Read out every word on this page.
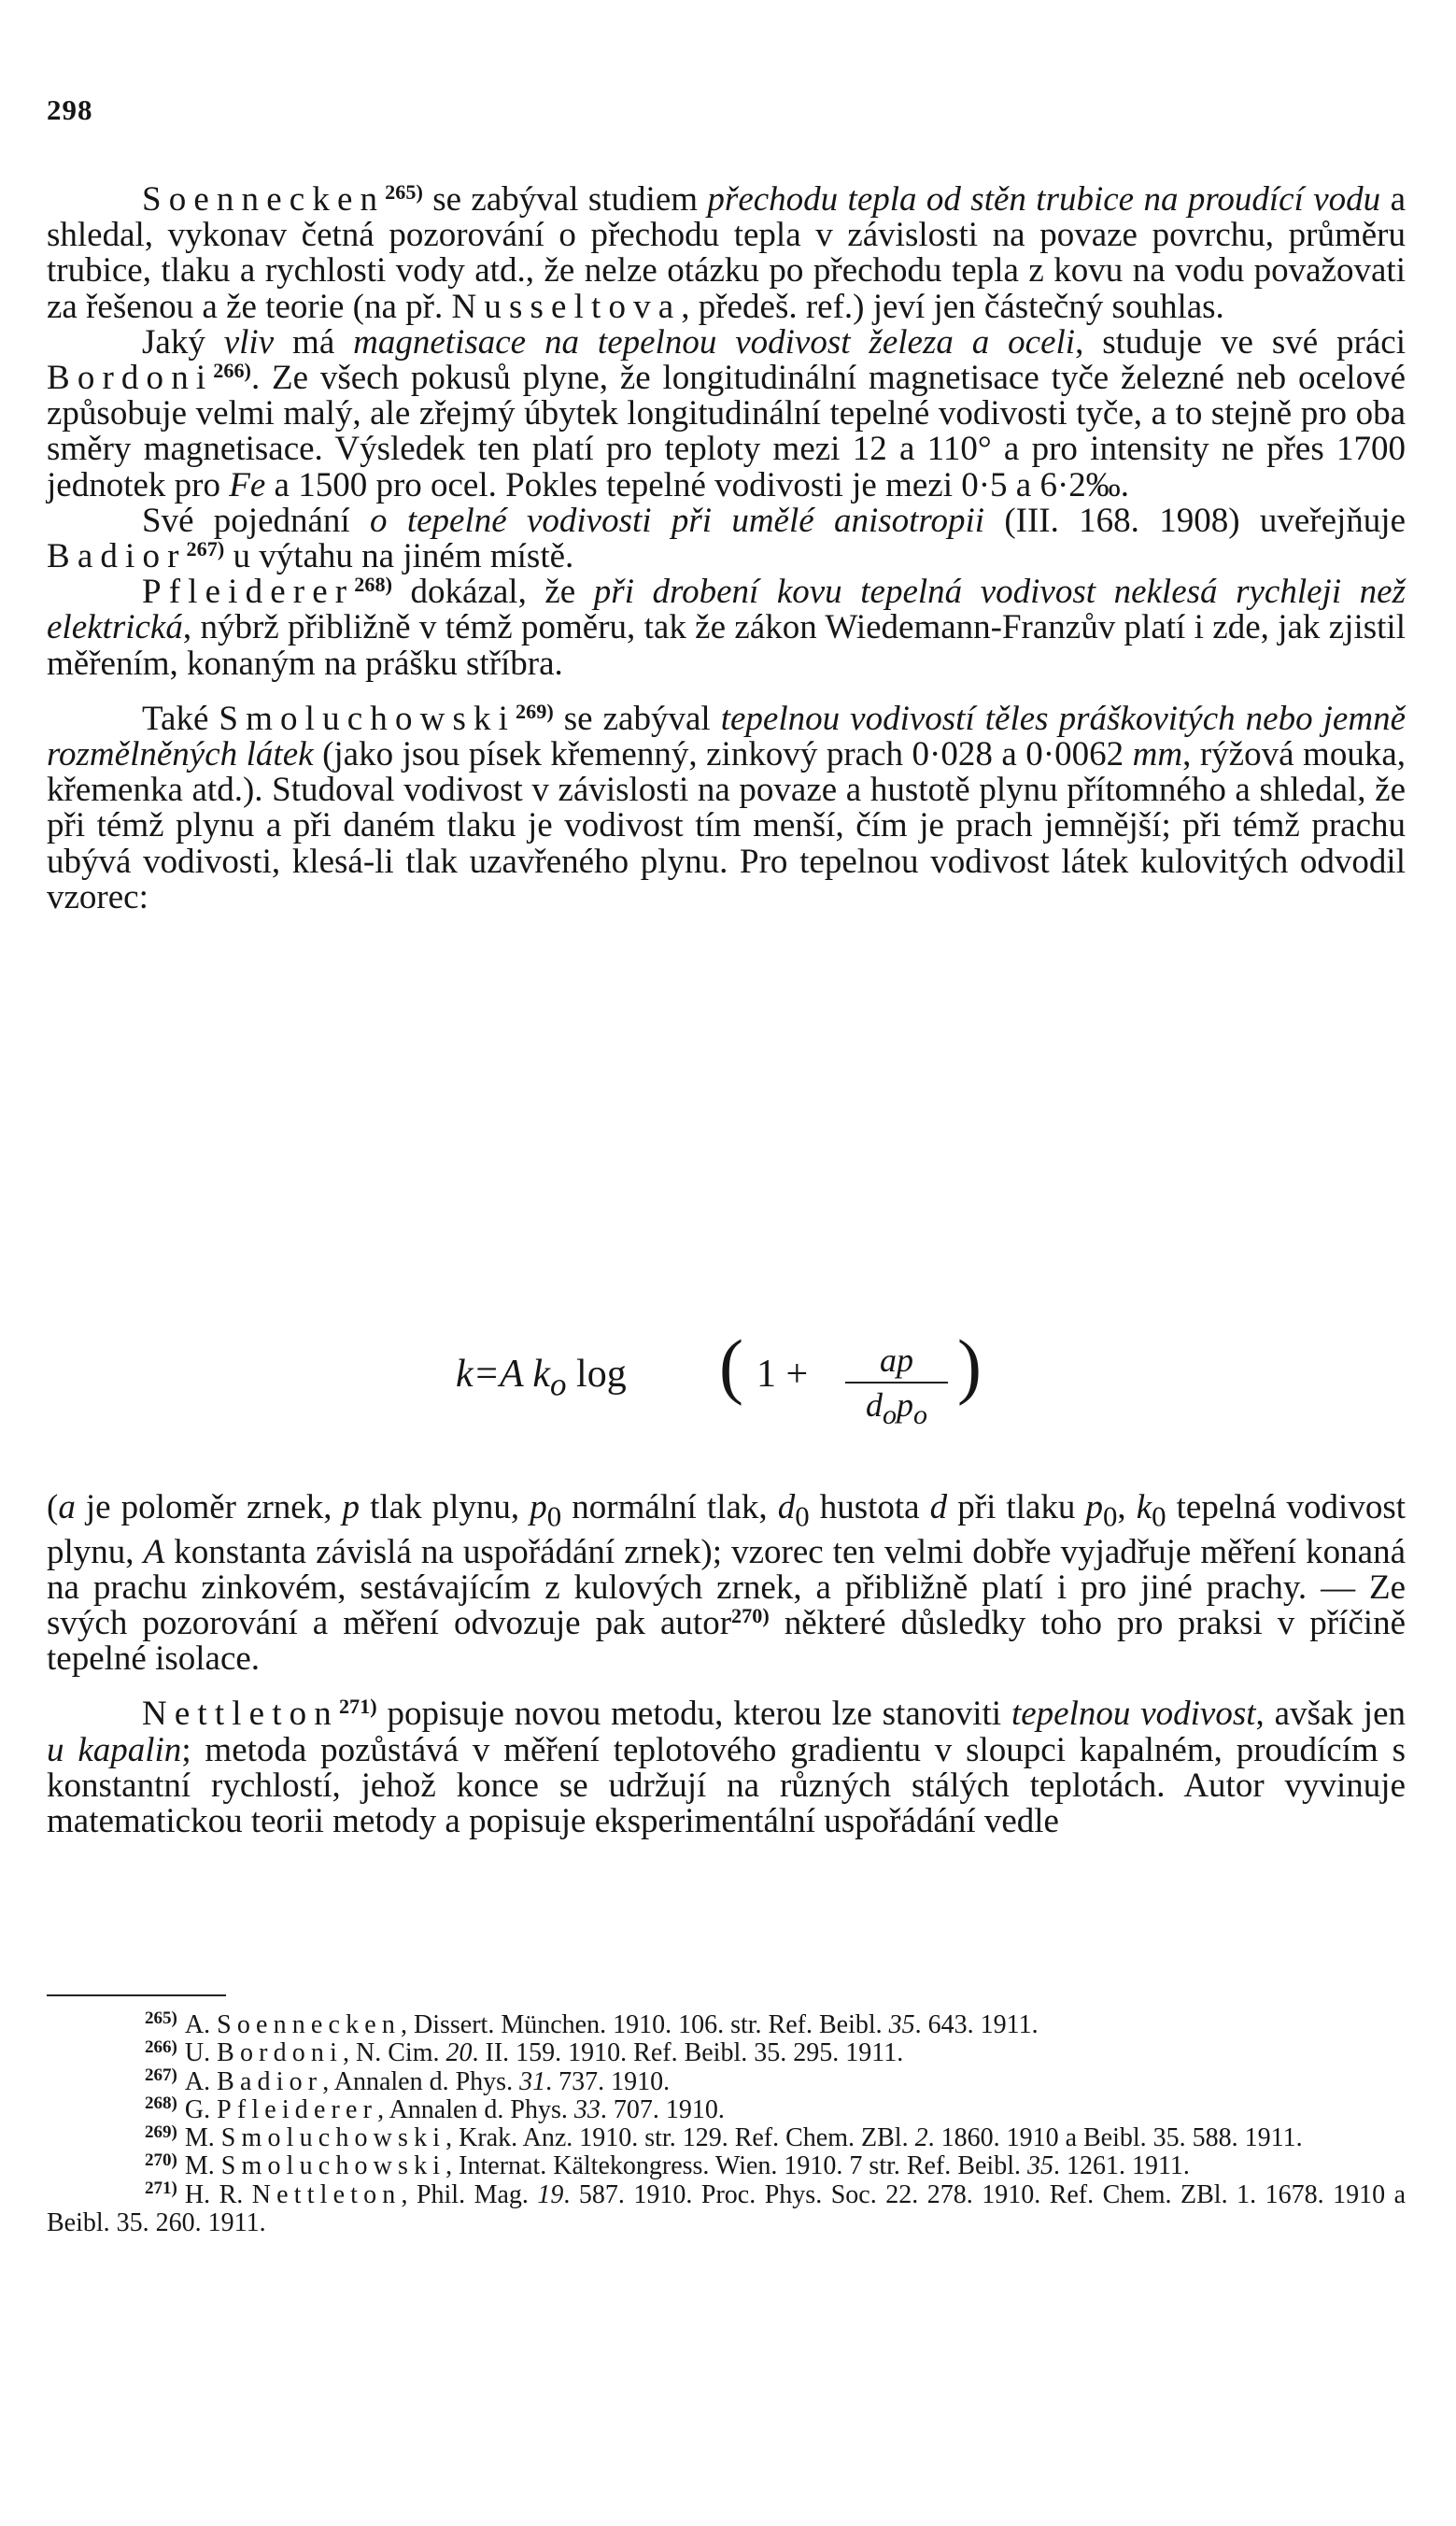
298

Soennecken$^{265)}$ se zabýval studiem přechodu tepla od stěn trubice na proudící vodu a shledal, vykonav četná pozorování o přechodu tepla v závislosti na povaze povrchu, průměru trubice, tlaku a rychlosti vody atd., že nelze otázku po přechodu tepla z kovu na vodu považovati za řešenou a že teorie (na př. Nusseltova, předeš. ref.) jeví jen částečný souhlas.

Jaký vliv má magnetisace na tepelnou vodivost železa a oceli, studuje ve své práci Bordoni$^{266)}$. Ze všech pokusů plyne, že longitudinální magnetisace tyče železné neb ocelové způsobuje velmi malý, ale zřejmý úbytek longitudinální tepelné vodivosti tyče, a to stejně pro oba směry magnetisace. Výsledek ten platí pro teploty mezi 12 a 110° a pro intensity ne přes 1700 jednotek pro Fe a 1500 pro ocel. Pokles tepelné vodivosti je mezi 0·5 a 6·2‰.

Své pojednání o tepelné vodivosti při umělé anisotropii (III. 168. 1908) uveřejňuje Badior$^{267)}$ u výtahu na jiném místě.

Pfleiderer$^{268)}$ dokázal, že při drobení kovu tepelná vodivost neklesá rychleji než elektrická, nýbrž přibližně v témž poměru, tak že zákon Wiedemann-Franzův platí i zde, jak zjistil měřením, konaným na prášku stříbra.

Také Smoluchowski$^{269)}$ se zabýval tepelnou vodivostí těles práškovitých nebo jemně rozmělněných látek (jako jsou písek křemenný, zinkový prach 0·028 a 0·0062 mm, rýžová mouka, křemenka atd.). Studoval vodivost v závislosti na povaze a hustotě plynu přítomného a shledal, že při témž plynu a při daném tlaku je vodivost tím menší, čím je prach jemnější; při témž prachu ubývá vodivosti, klesá-li tlak uzavřeného plynu. Pro tepelnou vodivost látek kulovitých odvodil vzorec:

k=A $k_o$ log ( 1 +	ap
$d_op_o$
)

(a je poloměr zrnek, p tlak plynu, $p_0$ normální tlak, $d_0$ hustota d při tlaku $p_0$, $k_0$ tepelná vodivost plynu, A konstanta závislá na uspořádání zrnek); vzorec ten velmi dobře vyjadřuje měření konaná na prachu zinkovém, sestávajícím z kulových zrnek, a přibližně platí i pro jiné prachy. — Ze svých pozorování a měření odvozuje pak autor$^{270)}$ některé důsledky toho pro praksi v příčině tepelné isolace.

Nettleton$^{271)}$ popisuje novou metodu, kterou lze stanoviti tepelnou vodivost, avšak jen u kapalin; metoda pozůstává v měření teplotového gradientu v sloupci kapalném, proudícím s konstantní rychlostí, jehož konce se udržují na různých stálých teplotách. Autor vyvinuje matematickou teorii metody a popisuje eksperimentální uspořádání vedle

$^{265)}$ A. Soennecken, Dissert. München. 1910. 106. str. Ref. Beibl. 35. 643. 1911.

$^{266)}$ U. Bordoni, N. Cim. 20. II. 159. 1910. Ref. Beibl. 35. 295. 1911.

$^{267)}$ A. Badior, Annalen d. Phys. 31. 737. 1910.

$^{268)}$ G. Pfleiderer, Annalen d. Phys. 33. 707. 1910.

$^{269)}$ M. Smoluchowski, Krak. Anz. 1910. str. 129. Ref. Chem. ZBl. 2. 1860. 1910 a Beibl. 35. 588. 1911.

$^{270)}$ M. Smoluchowski, Internat. Kältekongress. Wien. 1910. 7 str. Ref. Beibl. 35. 1261. 1911.

$^{271)}$ H. R. Nettleton, Phil. Mag. 19. 587. 1910. Proc. Phys. Soc. 22. 278. 1910. Ref. Chem. ZBl. 1. 1678. 1910 a Beibl. 35. 260. 1911.
